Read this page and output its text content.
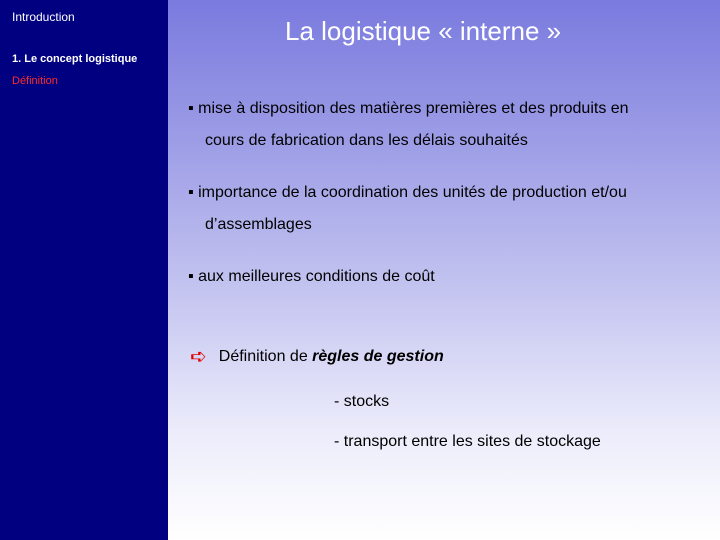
Introduction
1. Le concept logistique
Définition
La logistique « interne »
▪ mise à disposition des matières premières et des produits en
cours de fabrication dans les délais souhaités
▪ importance de la coordination des unités de production et/ou
d’assemblages
▪ aux meilleures conditions de coût
➪ Définition de règles de gestion
- stocks
- transport entre les sites de stockage
